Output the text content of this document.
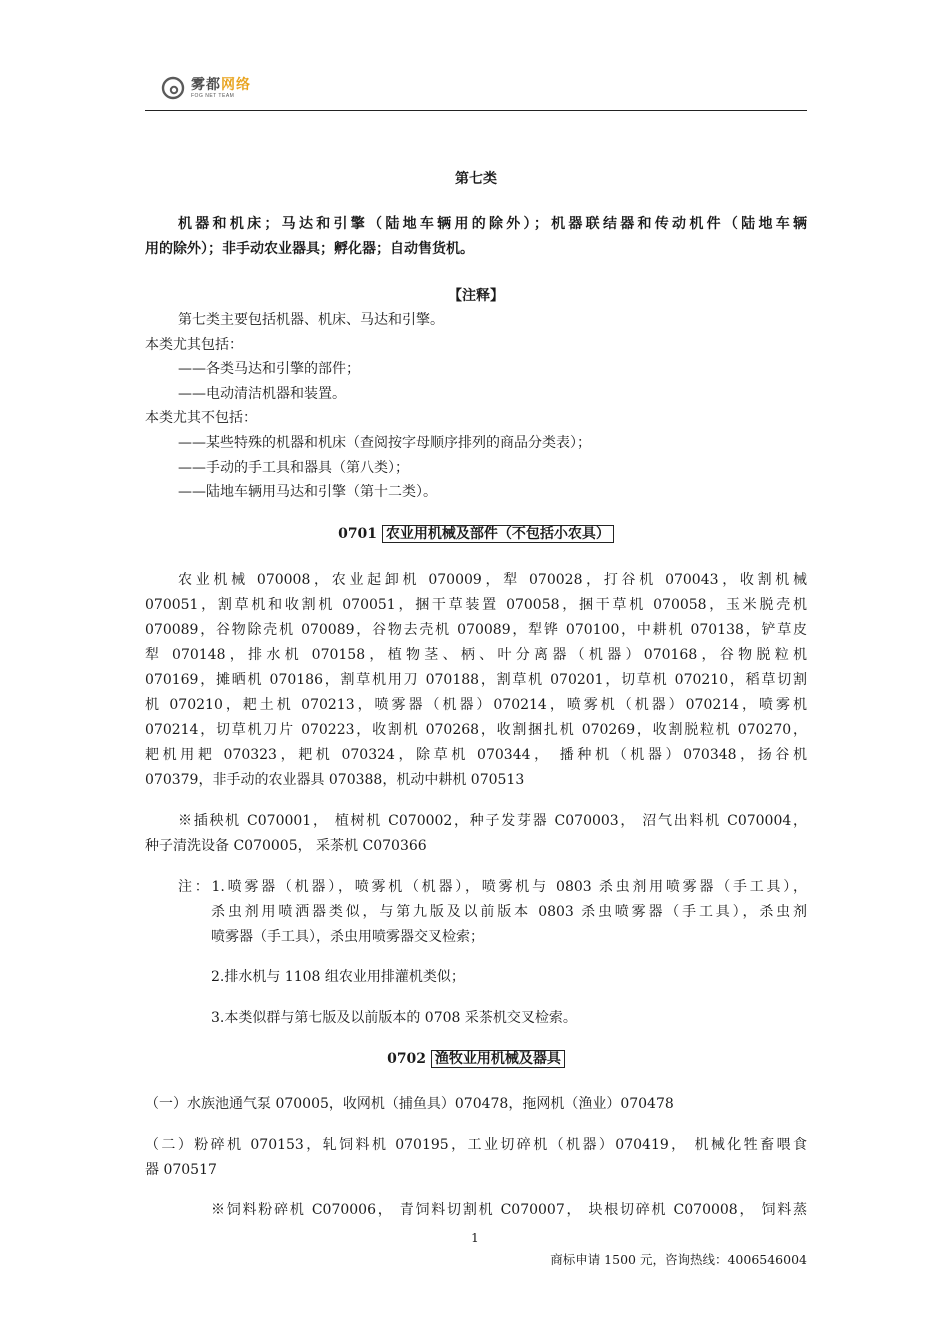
雾都网络
FOG NET TEAM
第七类
机器和机床；马达和引擎（陆地车辆用的除外）；机器联结器和传动机件（陆地车辆
用的除外）；非手动农业器具；孵化器；自动售货机。
【注释】
第七类主要包括机器、机床、马达和引擎。
本类尤其包括：
——各类马达和引擎的部件；
——电动清洁机器和装置。
本类尤其不包括：
——某些特殊的机器和机床（查阅按字母顺序排列的商品分类表）；
——手动的手工具和器具（第八类）；
——陆地车辆用马达和引擎（第十二类）。
0701 农业用机械及部件（不包括小农具）
农业机械 070008，农业起卸机 070009，犁 070028，打谷机 070043，收割机械
070051，割草机和收割机 070051，捆干草装置 070058，捆干草机 070058，玉米脱壳机
070089，谷物除壳机 070089，谷物去壳机 070089，犁铧 070100，中耕机 070138，铲草皮
犁 070148，排水机 070158，植物茎、柄、叶分离器（机器）070168，谷物脱粒机
070169，摊晒机 070186，割草机用刀 070188，割草机 070201，切草机 070210，稻草切割
机 070210，耙土机 070213，喷雾器（机器）070214，喷雾机（机器）070214，喷雾机
070214，切草机刀片 070223，收割机 070268，收割捆扎机 070269，收割脱粒机 070270，
耙机用耙 070323，耙机 070324，除草机 070344， 播种机（机器）070348，扬谷机
070379，非手动的农业器具 070388，机动中耕机 070513
※插秧机 C070001， 植树机 C070002，种子发芽器 C070003， 沼气出料机 C070004，
种子清洗设备 C070005， 采茶机 C070366
注：1.喷雾器（机器），喷雾机（机器），喷雾机与 0803 杀虫剂用喷雾器（手工具），
杀虫剂用喷洒器类似，与第九版及以前版本 0803 杀虫喷雾器（手工具），杀虫剂
喷雾器（手工具），杀虫用喷雾器交叉检索；
2.排水机与 1108 组农业用排灌机类似；
3.本类似群与第七版及以前版本的 0708 采茶机交叉检索。
0702 渔牧业用机械及器具
（一）水族池通气泵 070005，收网机（捕鱼具）070478，拖网机（渔业）070478
（二）粉碎机 070153，轧饲料机 070195，工业切碎机（机器）070419， 机械化牲畜喂食
器 070517
※饲料粉碎机 C070006， 青饲料切割机 C070007， 块根切碎机 C070008， 饲料蒸
1
商标申请 1500 元，咨询热线：4006546004
